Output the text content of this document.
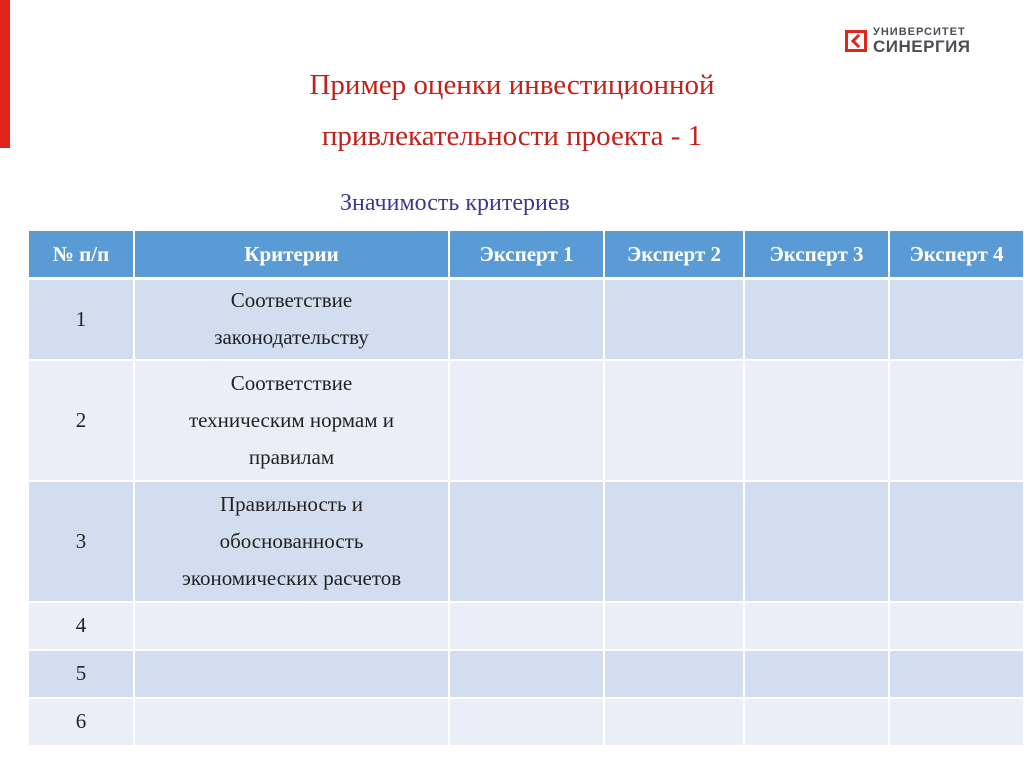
УНИВЕРСИТЕТ
СИНЕРГИЯ
Пример оценки инвестиционной
привлекательности проекта - 1
Значимость критериев
№ п/п	Критерии	Эксперт 1	Эксперт 2	Эксперт 3	Эксперт 4
1	Соответствие
законодательству				

2	Соответствие
техническим нормам и
правилам				

3	Правильность и
обоснованность
экономических расчетов				

4					
5					
6					
